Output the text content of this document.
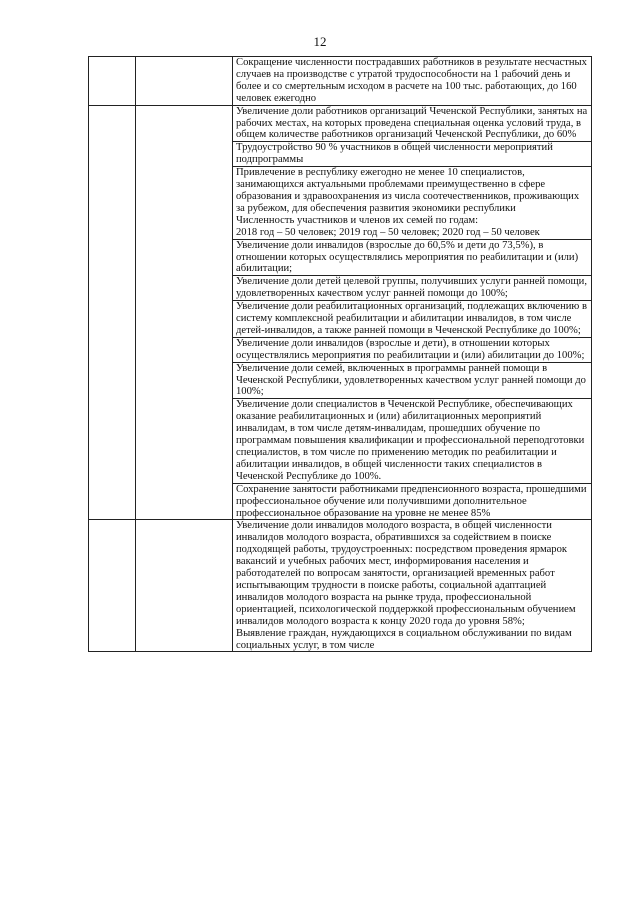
12
		Сокращение численности пострадавших работников в результате несчастных случаев на производстве с утратой трудоспособности на 1 рабочий день и более и со смертельным исходом в расчете на 100 тыс. работающих, до 160 человек ежегодно
		Увеличение доли работников организаций Чеченской Республики, занятых на рабочих местах, на которых проведена специальная оценка условий труда, в общем количестве работников организаций Чеченской Республики, до 60%
		Трудоустройство 90 % участников в общей численности мероприятий подпрограммы

		Привлечение в республику ежегодно не менее 10 специалистов, занимающихся актуальными проблемами преимущественно в сфере образования и здравоохранения из числа соотечественников, проживающих за рубежом, для обеспечения развития экономики республики
Численность участников и членов их семей по годам:
2018 год – 50 человек; 2019 год – 50 человек; 2020 год – 50 человек

		Увеличение доли инвалидов (взрослые до 60,5% и дети до 73,5%), в отношении которых осуществлялись мероприятия по реабилитации и (или) абилитации;
		Увеличение доли детей целевой группы, получивших услуги ранней помощи, удовлетворенных качеством услуг ранней помощи до 100%;
		Увеличение доли реабилитационных организаций, подлежащих включению в систему комплексной реабилитации и абилитации инвалидов, в том числе детей-инвалидов, а также ранней помощи в Чеченской Республике до 100%;
		Увеличение доли инвалидов (взрослые и дети), в отношении которых осуществлялись мероприятия по реабилитации и (или) абилитации до 100%;
		Увеличение доли семей, включенных в программы ранней помощи в Чеченской Республики, удовлетворенных качеством услуг ранней помощи до 100%;
		Увеличение доли специалистов в Чеченской Республике, обеспечивающих оказание реабилитационных и (или) абилитационных мероприятий инвалидам, в том числе детям-инвалидам, прошедших обучение по программам повышения квалификации и профессиональной переподготовки специалистов, в том числе по применению методик по реабилитации и абилитации инвалидов, в общей численности таких специалистов в Чеченской Республике до 100%.
		Сохранение занятости работниками предпенсионного возраста, прошедшими профессиональное обучение или получившими дополнительное профессиональное образование на уровне не менее 85%

		Увеличение доли инвалидов молодого возраста, в общей численности инвалидов молодого возраста, обратившихся за содействием в поиске подходящей работы, трудоустроенных: посредством проведения ярмарок вакансий и учебных рабочих мест, информирования населения и работодателей по вопросам занятости, организацией временных работ испытывающим трудности в поиске работы, социальной адаптацией инвалидов молодого возраста на рынке труда, профессиональной ориентацией, психологической поддержкой профессиональным обучением инвалидов молодого возраста к концу 2020 года до уровня 58%;
Выявление граждан, нуждающихся в социальном обслуживании по видам социальных услуг, в том числе
